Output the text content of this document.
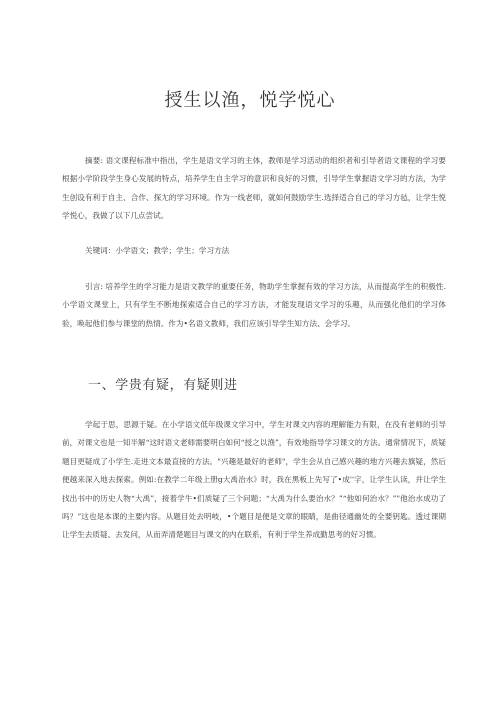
授生以渔，悦学悦心

摘要: 语文课程标准中指出，学生是语文学习的主体，教师是学习活动的组织者和引导者语文课程的学习要根据小学阶段学生身心发展的特点，培养学生自主学习的意识和良好的习惯，引导学生掌握语文学习的方法，为学生创设有利于自主、合作、探尢的学习环境。作为一线老师，就如何鼓励学生.选择适合自己的学习方毡，让学生悦学悦心，我做了以下几点尝试。

关键词：小学语文；教学；学生；学习方法

引言: 培养学生的学习能力是语文教学的重要任务，物助学生掌握有效的学习方法，从而提高学生的积极性.小学语文课堂上，只有学生不断地探索适合自己的学习方法，才能发现语文学习的乐趣，从而强化他们的学习体验，唤起他们参与课堂的热情。作为•名语文教师，我们应该引导学生知方法、会学习。

一、学贵有疑，有疑则进

学起于思，思源于疑。在小学语文低年级课文学习中，学生对课文内容的理解能力有限，在没有老师的引导前，对课文也是一知半解“这时语文老师需要明白如何“授之以渔”，有效地指导学习课文的方法。通常情况下，质疑题目更疑成了小学生.走进文本最直接的方法。"兴趣是最好的老师"，学生会从自己感兴趣的地方兴趣去旗疑，然后便越来深入地去探索。例如:在教学二年级上册g大禹治水》时，我在黑板上先写了•成''字，让学生认读，并让学生找出书中的历史人物“大禹”，接着学牛•们质疑了三个问题；“大禹为什么要治水？”“他如何治水？”"他治水成功了吗？”这也是本课的主要内容。从题目处去明岐，•个题目是便是文章的眼睛，是曲径通幽处的全要钥匙。透过课期让学生去质疑、去发问，从而弄清楚题目与课文的内在联系，有利于学生养成勤思考的好习惯。
